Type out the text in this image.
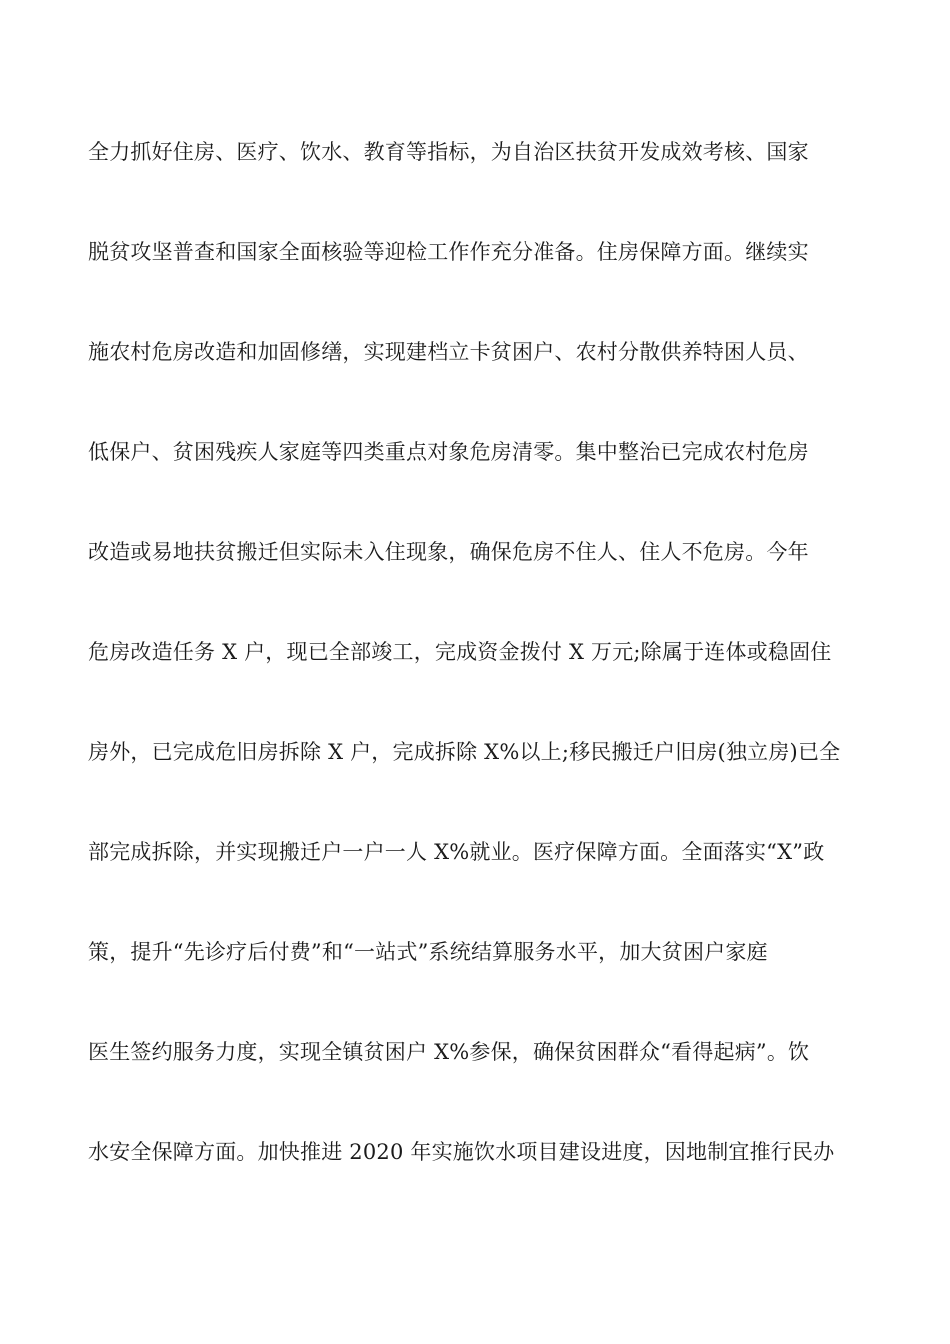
全力抓好住房、医疗、饮水、教育等指标，为自治区扶贫开发成效考核、国家
脱贫攻坚普查和国家全面核验等迎检工作作充分准备。住房保障方面。继续实
施农村危房改造和加固修缮，实现建档立卡贫困户、农村分散供养特困人员、
低保户、贫困残疾人家庭等四类重点对象危房清零。集中整治已完成农村危房
改造或易地扶贫搬迁但实际未入住现象，确保危房不住人、住人不危房。今年
危房改造任务 X 户，现已全部竣工，完成资金拨付 X 万元;除属于连体或稳固住
房外，已完成危旧房拆除 X 户，完成拆除 X%以上;移民搬迁户旧房(独立房)已全
部完成拆除，并实现搬迁户一户一人 X%就业。医疗保障方面。全面落实“X”政
策，提升“先诊疗后付费”和“一站式”系统结算服务水平，加大贫困户家庭
医生签约服务力度，实现全镇贫困户 X%参保，确保贫困群众“看得起病”。饮
水安全保障方面。加快推进 2020 年实施饮水项目建设进度，因地制宜推行民办
